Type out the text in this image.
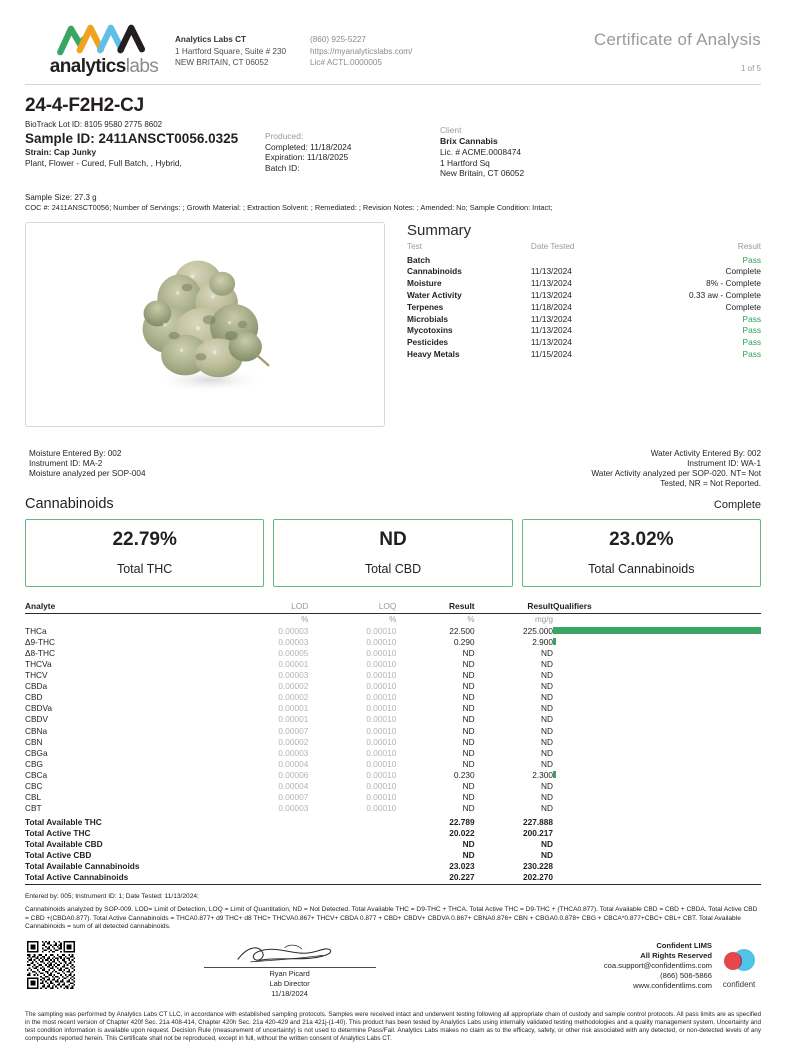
analyticslabs
Analytics Labs CT
1 Hartford Square, Suite # 230
NEW BRITAIN, CT 06052
(860) 925-5227
https://myanalyticslabs.com/
Lic# ACTL.0000005
Certificate of Analysis
1 of 5
24-4-F2H2-CJ
BioTrack Lot ID: 8105 9580 2775 8602
Sample ID: 2411ANSCT0056.0325
Strain: Cap Junky
Plant, Flower - Cured, Full Batch, , Hybrid,
Produced:
Completed: 11/18/2024
Expiration: 11/18/2025
Batch ID:
Client
Brix Cannabis
Lic. # ACME.0008474
1 Hartford Sq
New Britain, CT 06052
Sample Size: 27.3 g
COC #: 2411ANSCT0056; Number of Servings: ; Growth Material: ; Extraction Solvent: ; Remediated: ; Revision Notes: ; Amended: No; Sample Condition: Intact;
Summary
Test	Date Tested	Result
Batch		Pass
Cannabinoids	11/13/2024	Complete
Moisture	11/13/2024	8% - Complete
Water Activity	11/13/2024	0.33 aw - Complete
Terpenes	11/18/2024	Complete
Microbials	11/13/2024	Pass
Mycotoxins	11/13/2024	Pass
Pesticides	11/13/2024	Pass
Heavy Metals	11/15/2024	Pass
Moisture Entered By: 002
Instrument ID: MA-2
Moisture analyzed per SOP-004
Water Activity Entered By: 002
Instrument ID: WA-1
Water Activity analyzed per SOP-020. NT= Not
Tested, NR = Not Reported.
Cannabinoids	Complete
22.79%
Total THC
ND
Total CBD
23.02%
Total Cannabinoids
Analyte	LOD	LOQ	Result	Result	Qualifiers
	%	%	%	mg/g	
THCa	0.00003	0.00010	22.500	225.000	

Δ9-THC	0.00003	0.00010	0.290	2.900	

Δ8-THC	0.00005	0.00010	ND	ND	
THCVa	0.00001	0.00010	ND	ND	
THCV	0.00003	0.00010	ND	ND	
CBDa	0.00002	0.00010	ND	ND	
CBD	0.00002	0.00010	ND	ND	
CBDVa	0.00001	0.00010	ND	ND	
CBDV	0.00001	0.00010	ND	ND	
CBNa	0.00007	0.00010	ND	ND	
CBN	0.00002	0.00010	ND	ND	
CBGa	0.00003	0.00010	ND	ND	
CBG	0.00004	0.00010	ND	ND	
CBCa	0.00006	0.00010	0.230	2.300	

CBC	0.00004	0.00010	ND	ND	
CBL	0.00007	0.00010	ND	ND	
CBT	0.00003	0.00010	ND	ND	
Total Available THC			22.789	227.888	
Total Active THC			20.022	200.217	
Total Available CBD			ND	ND	
Total Active CBD			ND	ND	
Total Available Cannabinoids			23.023	230.228	
Total Active Cannabinoids			20.227	202.270	

Entered by: 005; Instrument ID: 1; Date Tested: 11/13/2024;

Cannabinoids analyzed by SOP-009. LOD= Limit of Detection, LOQ = Limit of Quantitation, ND = Not Detected. Total Available THC = D9-THC + THCA. Total Active THC = D9-THC + (THCA0.877). Total Available CBD = CBD + CBDA. Total Active CBD = CBD +(CBDA0.877). Total Active Cannabinoids = THCA0.877+ d9 THC+ d8 THC+ THCVA0.867+ THCV+ CBDA 0.877 + CBD+ CBDV+ CBDVA 0.867+ CBNA0.876+ CBN + CBGA0.0.878+ CBG + CBCA*0.877+CBC+ CBL+ CBT. Total Available Cannabinoids = sum of all detected cannabinoids.

Ryan Picard
Lab Director
11/18/2024
Confident LIMS
All Rights Reserved
coa.support@confidentlims.com
(866) 506-5866
www.confidentlims.com	confident
The sampling was performed by Analytics Labs CT LLC, in accordance with established sampling protocols. Samples were received intact and underwent testing following all appropriate chain of custody and sample control protocols. All pass limits are as specified in the most recent version of Chapter 420f Sec. 21a 408-414, Chapter 420h Sec. 21a 420-429 and 21a 421j-(1-40). This product has been tested by Analytics Labs using internally validated testing methodologies and a quality management system. Uncertainty and test condition information is available upon request. Decision Rule (measurement of uncertainty) is not used to determine Pass/Fail. Analytics Labs makes no claim as to the efficacy, safety, or other risk associated with any detected, or non-detected levels of any compounds reported herein. This Certificate shall not be reproduced, except in full, without the written consent of Analytics Labs CT.
